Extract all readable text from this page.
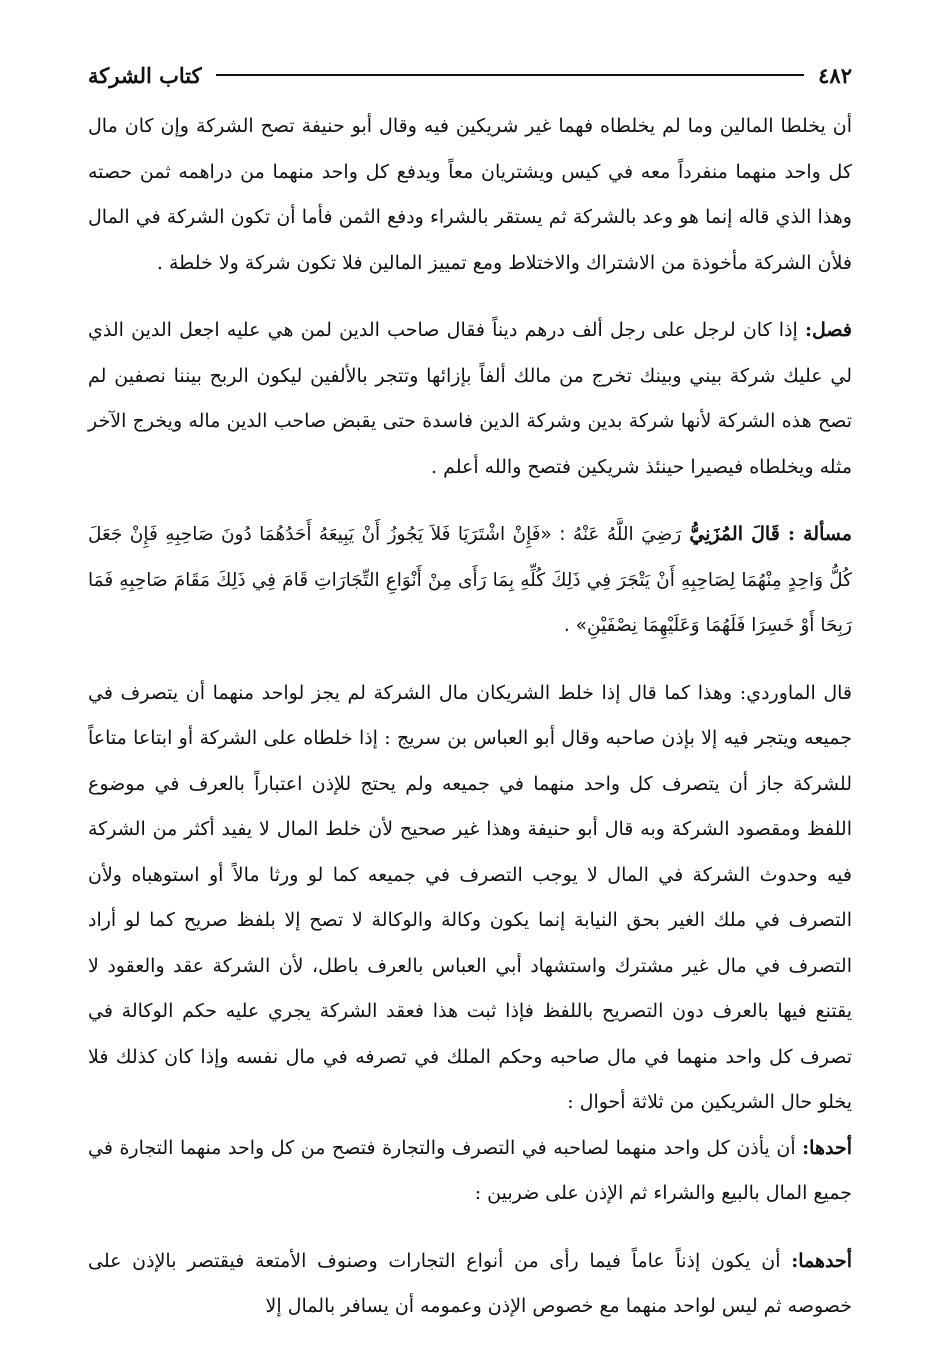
٤٨٢
كتاب الشركة

أن يخلطا المالين وما لم يخلطاه فهما غير شريكين فيه وقال أبو حنيفة تصح الشركة وإن كان مال كل واحد منهما منفرداً معه في كيس ويشتريان معاً ويدفع كل واحد منهما من دراهمه ثمن حصته وهذا الذي قاله إنما هو وعد بالشركة ثم يستقر بالشراء ودفع الثمن فأما أن تكون الشركة في المال فلأن الشركة مأخوذة من الاشتراك والاختلاط ومع تمييز المالين فلا تكون شركة ولا خلطة .

فصل: إذا كان لرجل على رجل ألف درهم ديناً فقال صاحب الدين لمن هي عليه اجعل الدين الذي لي عليك شركة بيني وبينك تخرج من مالك ألفاً بإزائها وتتجر بالألفين ليكون الربح بيننا نصفين لم تصح هذه الشركة لأنها شركة بدين وشركة الدين فاسدة حتى يقبض صاحب الدين ماله ويخرج الآخر مثله ويخلطاه فيصيرا حينئذ شريكين فتصح والله أعلم .

مسألة : قَالَ المُزَنِيُّ رَضِيَ اللَّهُ عَنْهُ : «فَإِنْ اشْتَرَيَا فَلاَ يَجُوزُ أَنْ يَبِيعَهُ أَحَدُهُمَا دُونَ صَاحِبِهِ فَإِنْ جَعَلَ كُلُّ وَاحِدٍ مِنْهُمَا لِصَاحِبِهِ أَنْ يَتْجَرَ فِي ذَلِكَ كُلِّهِ بِمَا رَأَى مِنْ أَنْوَاعِ التِّجَارَاتِ قَامَ فِي ذَلِكَ مَقَامَ صَاحِبِهِ فَمَا رَبِحَا أَوْ خَسِرَا فَلَهُمَا وَعَلَيْهِمَا نِصْفَيْنِ» .

قال الماوردي: وهذا كما قال إذا خلط الشريكان مال الشركة لم يجز لواحد منهما أن يتصرف في جميعه ويتجر فيه إلا بإذن صاحبه وقال أبو العباس بن سريج : إذا خلطاه على الشركة أو ابتاعا متاعاً للشركة جاز أن يتصرف كل واحد منهما في جميعه ولم يحتج للإذن اعتباراً بالعرف في موضوع اللفظ ومقصود الشركة وبه قال أبو حنيفة وهذا غير صحيح لأن خلط المال لا يفيد أكثر من الشركة فيه وحدوث الشركة في المال لا يوجب التصرف في جميعه كما لو ورثا مالاً أو استوهباه ولأن التصرف في ملك الغير بحق النيابة إنما يكون وكالة والوكالة لا تصح إلا بلفظ صريح كما لو أراد التصرف في مال غير مشترك واستشهاد أبي العباس بالعرف باطل، لأن الشركة عقد والعقود لا يقتنع فيها بالعرف دون التصريح باللفظ فإذا ثبت هذا فعقد الشركة يجري عليه حكم الوكالة في تصرف كل واحد منهما في مال صاحبه وحكم الملك في تصرفه في مال نفسه وإذا كان كذلك فلا يخلو حال الشريكين من ثلاثة أحوال :

أحدها: أن يأذن كل واحد منهما لصاحبه في التصرف والتجارة فتصح من كل واحد منهما التجارة في جميع المال بالبيع والشراء ثم الإذن على ضربين :

أحدهما: أن يكون إذناً عاماً فيما رأى من أنواع التجارات وصنوف الأمتعة فيقتصر بالإذن على خصوصه ثم ليس لواحد منهما مع خصوص الإذن وعمومه أن يسافر بالمال إلا
